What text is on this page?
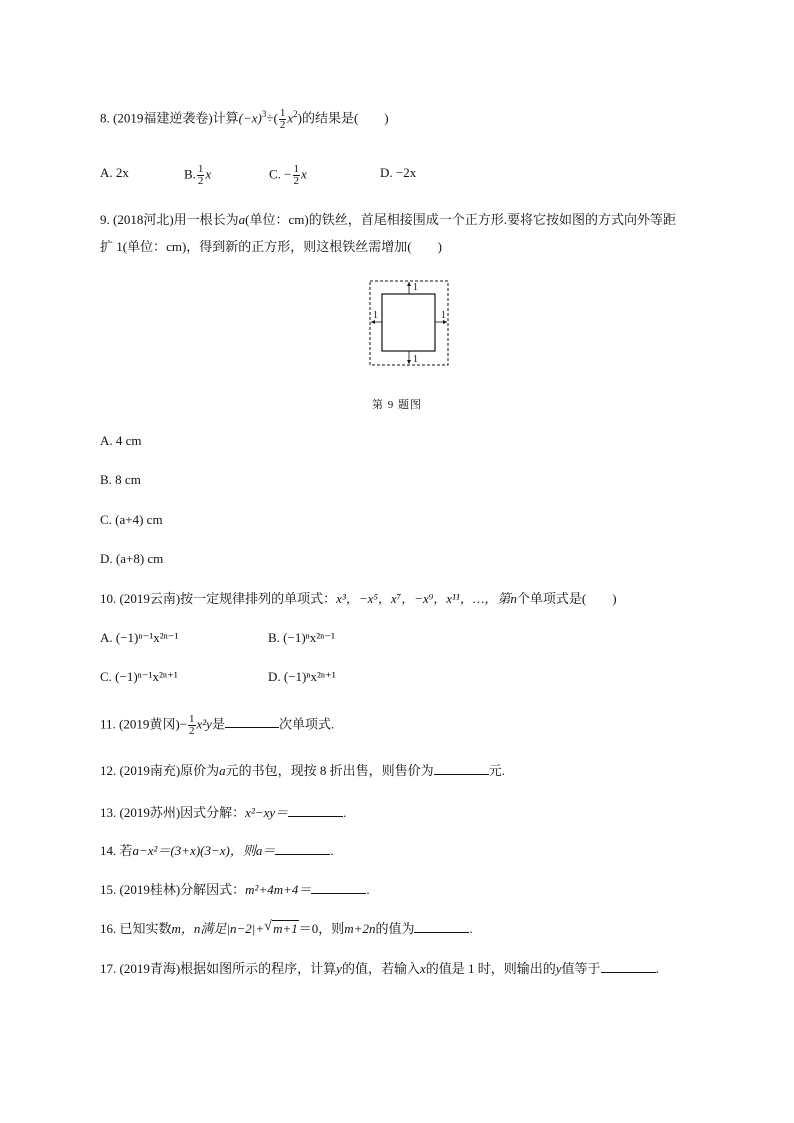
8. (2019福建逆袭卷)计算$(-x)^3\div( \frac{1}{2} x^2)$的结果是(　　)
A. 2x	B. $\frac{1}{2}$ x	C. − $\frac{1}{2}$ x	D. −2x
9. (2018河北)用一根长为a(单位：cm)的铁丝，首尾相接围成一个正方形.要将它按如图的方式向外等距
扩 1(单位：cm)，得到新的正方形，则这根铁丝需增加(　　)
1
1
1	1
第 9 题图
A. 4 cm
B. 8 cm
C. (a+4) cm
D. (a+8) cm
10. (2019云南)按一定规律排列的单项式：x³，−x⁵，x⁷，−x⁹，x¹¹，…，第n个单项式是(　　)
A. (−1)ⁿ⁻¹x²ⁿ⁻¹	B. (−1)ⁿx²ⁿ⁻¹
C. (−1)ⁿ⁻¹x²ⁿ⁺¹	D. (−1)ⁿx²ⁿ⁺¹
11. (2019黄冈)− $\frac{1}{2} x^2y$是	次单项式.
12. (2019南充)原价为a元的书包，现按 8 折出售，则售价为	元.
13. (2019苏州)因式分解：x²−xy＝	.
14. 若a−x²＝(3+x)(3−x)，则a＝	.
15. (2019桂林)分解因式：m²+4m+4＝	.
16. 已知实数m，n满足|n−2|+ √ m+1＝0，则m+2n的值为	.
17. (2019青海)根据如图所示的程序，计算y的值，若输入x的值是 1 时，则输出的y值等于	.
